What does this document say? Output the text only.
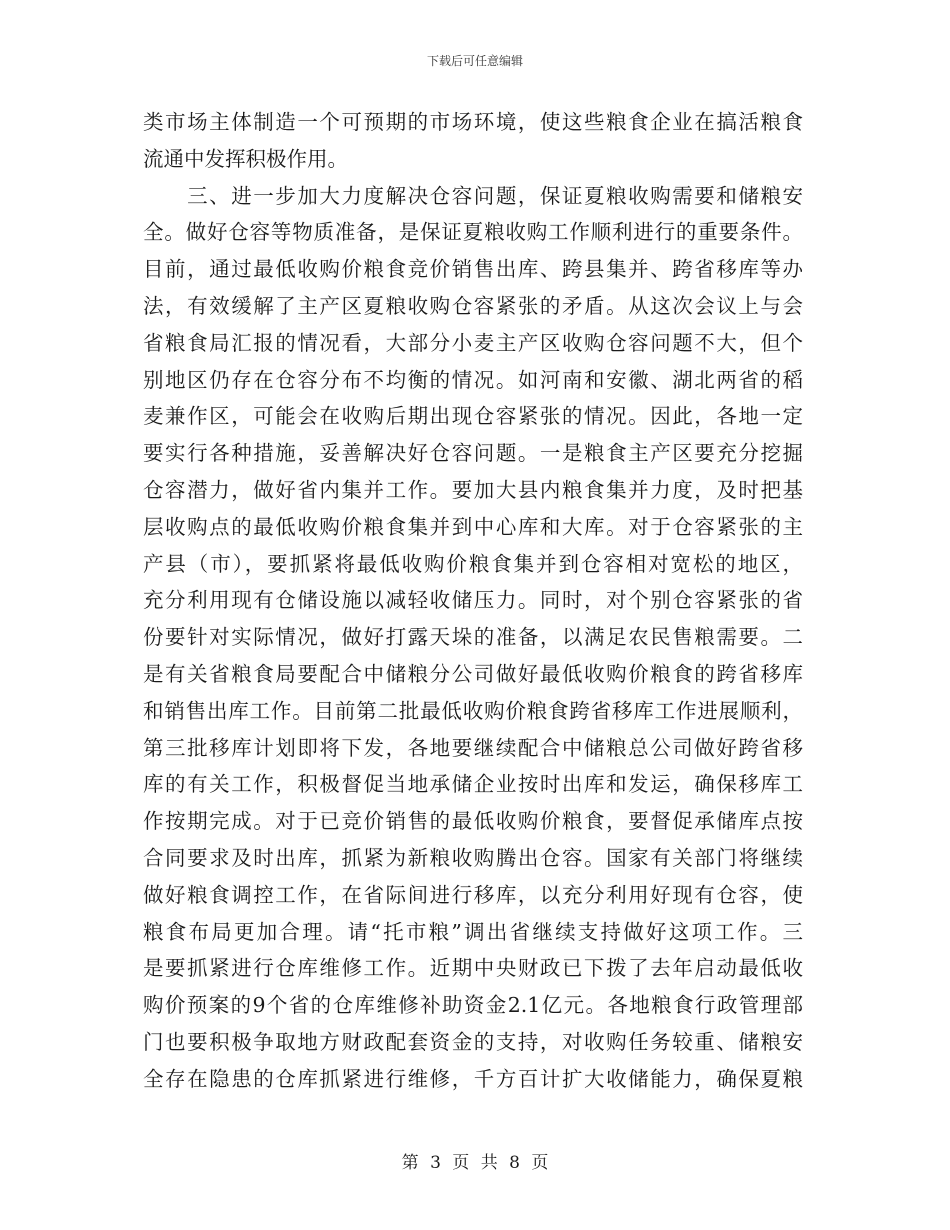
下载后可任意编辑
类市场主体制造一个可预期的市场环境，使这些粮食企业在搞活粮食
流通中发挥积极作用。
　　三、进一步加大力度解决仓容问题，保证夏粮收购需要和储粮安
全。做好仓容等物质准备，是保证夏粮收购工作顺利进行的重要条件。
目前，通过最低收购价粮食竞价销售出库、跨县集并、跨省移库等办
法，有效缓解了主产区夏粮收购仓容紧张的矛盾。从这次会议上与会
省粮食局汇报的情况看，大部分小麦主产区收购仓容问题不大，但个
别地区仍存在仓容分布不均衡的情况。如河南和安徽、湖北两省的稻
麦兼作区，可能会在收购后期出现仓容紧张的情况。因此，各地一定
要实行各种措施，妥善解决好仓容问题。一是粮食主产区要充分挖掘
仓容潜力，做好省内集并工作。要加大县内粮食集并力度，及时把基
层收购点的最低收购价粮食集并到中心库和大库。对于仓容紧张的主
产县（市），要抓紧将最低收购价粮食集并到仓容相对宽松的地区，
充分利用现有仓储设施以减轻收储压力。同时，对个别仓容紧张的省
份要针对实际情况，做好打露天垛的准备，以满足农民售粮需要。二
是有关省粮食局要配合中储粮分公司做好最低收购价粮食的跨省移库
和销售出库工作。目前第二批最低收购价粮食跨省移库工作进展顺利，
第三批移库计划即将下发，各地要继续配合中储粮总公司做好跨省移
库的有关工作，积极督促当地承储企业按时出库和发运，确保移库工
作按期完成。对于已竞价销售的最低收购价粮食，要督促承储库点按
合同要求及时出库，抓紧为新粮收购腾出仓容。国家有关部门将继续
做好粮食调控工作，在省际间进行移库，以充分利用好现有仓容，使
粮食布局更加合理。请“托市粮”调出省继续支持做好这项工作。三
是要抓紧进行仓库维修工作。近期中央财政已下拨了去年启动最低收
购价预案的9个省的仓库维修补助资金2.1亿元。各地粮食行政管理部
门也要积极争取地方财政配套资金的支持，对收购任务较重、储粮安
全存在隐患的仓库抓紧进行维修，千方百计扩大收储能力，确保夏粮
第 3 页 共 8 页
